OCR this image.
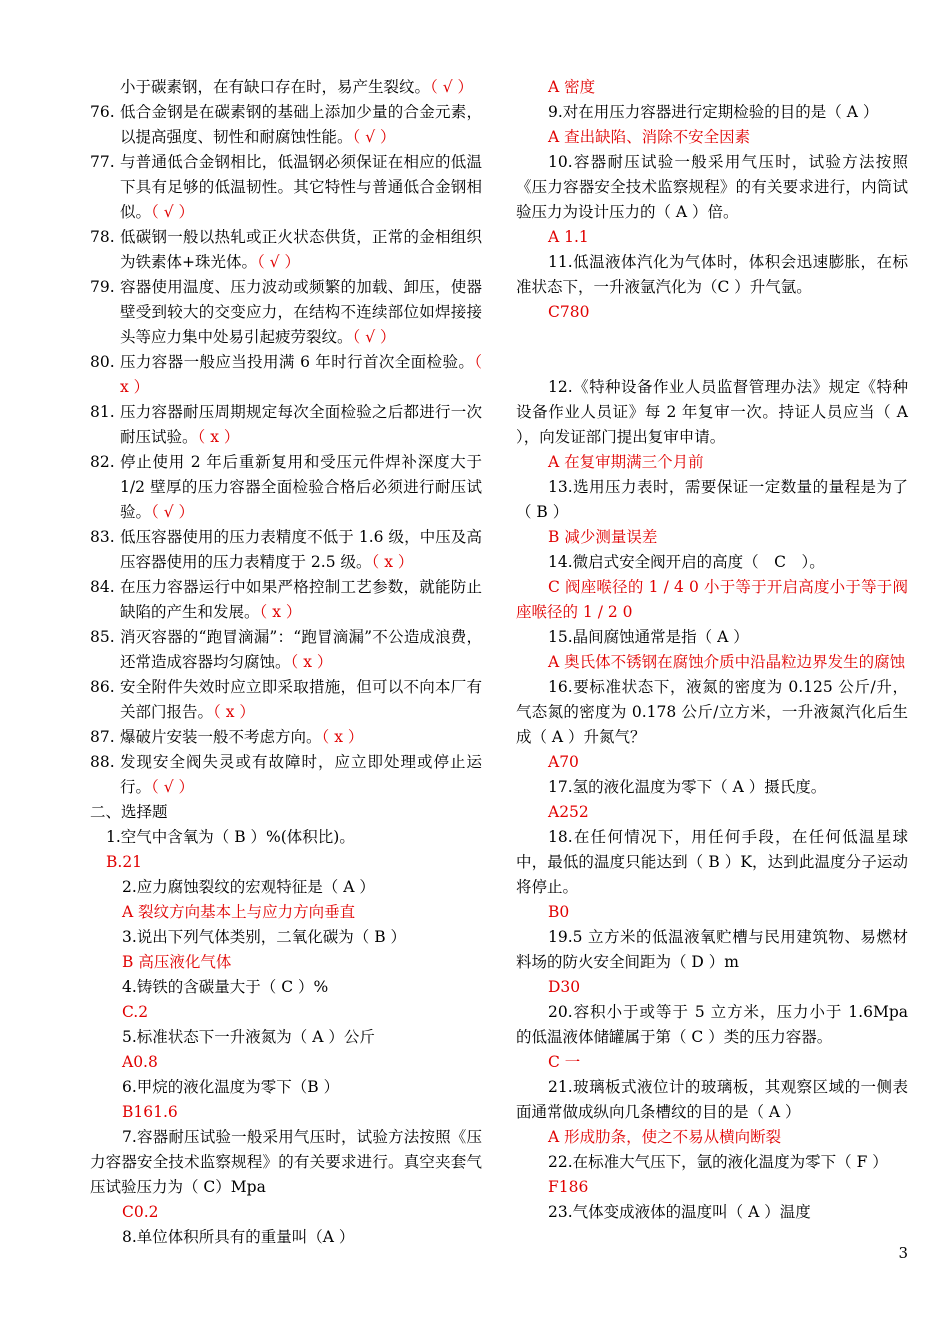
小于碳素钢，在有缺口存在时，易产生裂纹。（ √ ）
76. 低合金钢是在碳素钢的基础上添加少量的合金元素，以提高强度、韧性和耐腐蚀性能。（ √ ）
77. 与普通低合金钢相比，低温钢必须保证在相应的低温下具有足够的低温韧性。其它特性与普通低合金钢相似。（ √ ）
78. 低碳钢一般以热轧或正火状态供货，正常的金相组织为铁素体+珠光体。（ √ ）
79. 容器使用温度、压力波动或频繁的加载、卸压，使器壁受到较大的交变应力，在结构不连续部位如焊接接头等应力集中处易引起疲劳裂纹。（ √ ）
80. 压力容器一般应当投用满 6 年时行首次全面检验。（ x ）
81. 压力容器耐压周期规定每次全面检验之后都进行一次耐压试验。（ x ）
82. 停止使用 2 年后重新复用和受压元件焊补深度大于 1/2 壁厚的压力容器全面检验合格后必须进行耐压试验。（ √ ）
83. 低压容器使用的压力表精度不低于 1.6 级，中压及高压容器使用的压力表精度于 2.5 级。（ x ）
84. 在压力容器运行中如果严格控制工艺参数，就能防止缺陷的产生和发展。（ x ）
85. 消灭容器的“跑冒滴漏”：“跑冒滴漏”不公造成浪费，还常造成容器均匀腐蚀。（ x ）
86. 安全附件失效时应立即采取措施，但可以不向本厂有关部门报告。（ x ）
87. 爆破片安装一般不考虑方向。（ x ）
88. 发现安全阀失灵或有故障时，应立即处理或停止运行。（ √ ）
二、选择题
1.空气中含氧为（ B ）%(体积比)。
B.21
2.应力腐蚀裂纹的宏观特征是（ A ）
A 裂纹方向基本上与应力方向垂直
3.说出下列气体类别，二氧化碳为（ B ）
B 高压液化气体
4.铸铁的含碳量大于（ C ）%
C.2
5.标准状态下一升液氮为（ A ）公斤
A0.8
6.甲烷的液化温度为零下（B ）
B161.6
7.容器耐压试验一般采用气压时，试验方法按照《压力容器安全技术监察规程》的有关要求进行。真空夹套气压试验压力为（ C）Mpa
C0.2
8.单位体积所具有的重量叫（A ）
A 密度
9.对在用压力容器进行定期检验的目的是（ A ）
A 查出缺陷、消除不安全因素
10.容器耐压试验一般采用气压时，试验方法按照《压力容器安全技术监察规程》的有关要求进行，内筒试验压力为设计压力的（ A ）倍。
A 1.1
11.低温液体汽化为气体时，体积会迅速膨胀，在标准状态下，一升液氩汽化为（C ）升气氩。
C780
12.《特种设备作业人员监督管理办法》规定《特种设备作业人员证》每 2 年复审一次。持证人员应当（ A ），向发证部门提出复审申请。
A 在复审期满三个月前
13.选用压力表时，需要保证一定数量的量程是为了（ B ）
B 减少测量误差
14.微启式安全阀开启的高度（　C　）。
C 阀座喉径的 1 / 4 0 小于等于开启高度小于等于阀座喉径的 1 / 2 0
15.晶间腐蚀通常是指（ A ）
A 奥氏体不锈钢在腐蚀介质中沿晶粒边界发生的腐蚀
16.要标准状态下，液氮的密度为 0.125 公斤/升，气态氮的密度为 0.178 公斤/立方米，一升液氮汽化后生成（ A ）升氮气？
A70
17.氢的液化温度为零下（ A ）摄氏度。
A252
18.在任何情况下，用任何手段，在任何低温星球中，最低的温度只能达到（ B ）K，达到此温度分子运动将停止。
B0
19.5 立方米的低温液氧贮槽与民用建筑物、易燃材料场的防火安全间距为（ D ）m
D30
20.容积小于或等于 5 立方米，压力小于 1.6Mpa 的低温液体储罐属于第（ C ）类的压力容器。
C 一
21.玻璃板式液位计的玻璃板，其观察区域的一侧表面通常做成纵向几条槽纹的目的是（ A ）
A 形成肋条，使之不易从横向断裂
22.在标准大气压下，氩的液化温度为零下（ F ）
F186
23.气体变成液体的温度叫（ A ）温度
3
